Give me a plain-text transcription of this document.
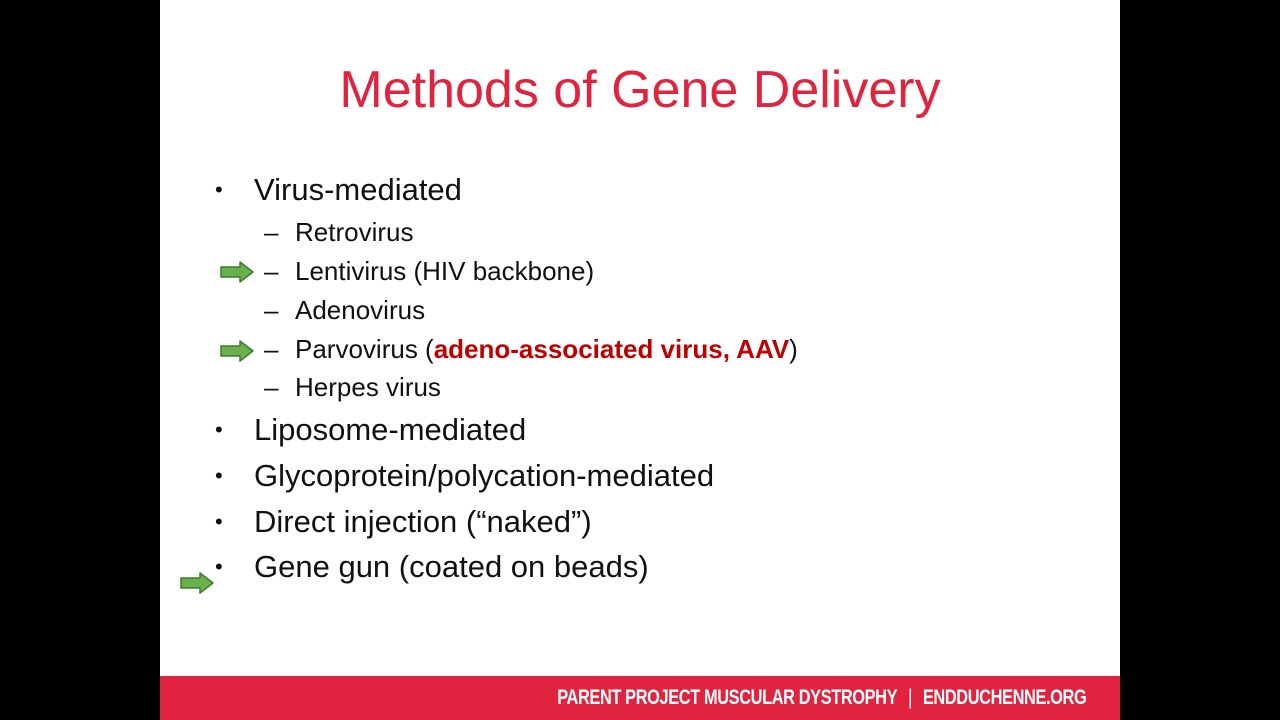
Methods of Gene Delivery
• Virus-mediated
– Retrovirus
– Lentivirus (HIV backbone)
– Adenovirus
– Parvovirus (adeno-associated virus, AAV)
– Herpes virus
• Liposome-mediated
• Glycoprotein/polycation-mediated
• Direct injection (“naked”)
• Gene gun (coated on beads)
PARENT PROJECT MUSCULAR DYSTROPHY | ENDDUCHENNE.ORG
